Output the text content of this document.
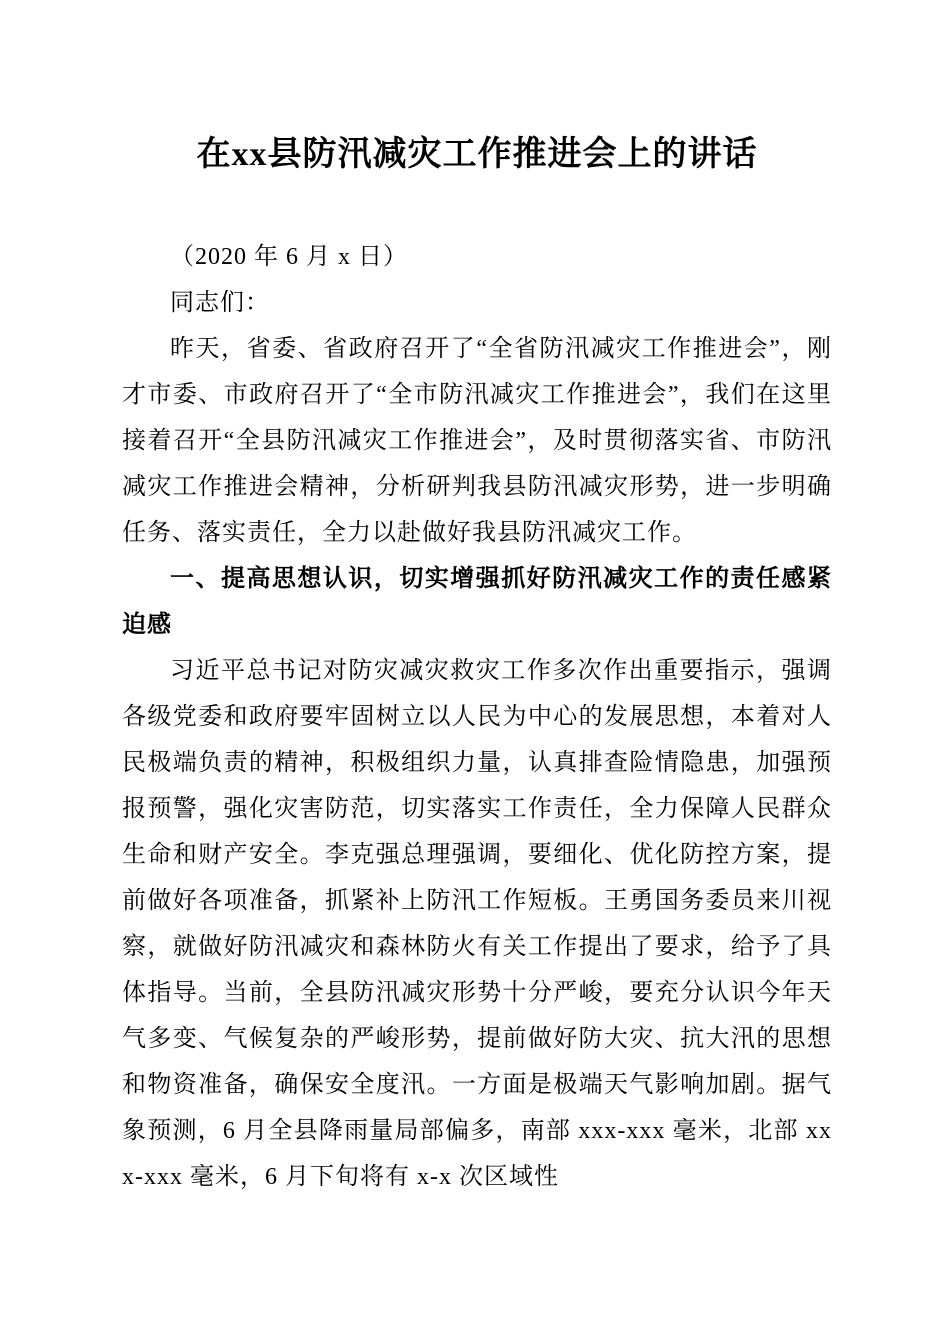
在xx县防汛减灾工作推进会上的讲话

（2020 年 6 月 x 日）

同志们：

昨天，省委、省政府召开了“全省防汛减灾工作推进会”，刚才市委、市政府召开了“全市防汛减灾工作推进会”，我们在这里接着召开“全县防汛减灾工作推进会”，及时贯彻落实省、市防汛减灾工作推进会精神，分析研判我县防汛减灾形势，进一步明确任务、落实责任，全力以赴做好我县防汛减灾工作。

一、提高思想认识，切实增强抓好防汛减灾工作的责任感紧迫感

习近平总书记对防灾减灾救灾工作多次作出重要指示，强调各级党委和政府要牢固树立以人民为中心的发展思想，本着对人民极端负责的精神，积极组织力量，认真排查险情隐患，加强预报预警，强化灾害防范，切实落实工作责任，全力保障人民群众生命和财产安全。李克强总理强调，要细化、优化防控方案，提前做好各项准备，抓紧补上防汛工作短板。王勇国务委员来川视察，就做好防汛减灾和森林防火有关工作提出了要求，给予了具体指导。当前，全县防汛减灾形势十分严峻，要充分认识今年天气多变、气候复杂的严峻形势，提前做好防大灾、抗大汛的思想和物资准备，确保安全度汛。一方面是极端天气影响加剧。据气象预测，6 月全县降雨量局部偏多，南部 xxx-xxx 毫米，北部 xxx-xxx 毫米，6 月下旬将有 x-x 次区域性
